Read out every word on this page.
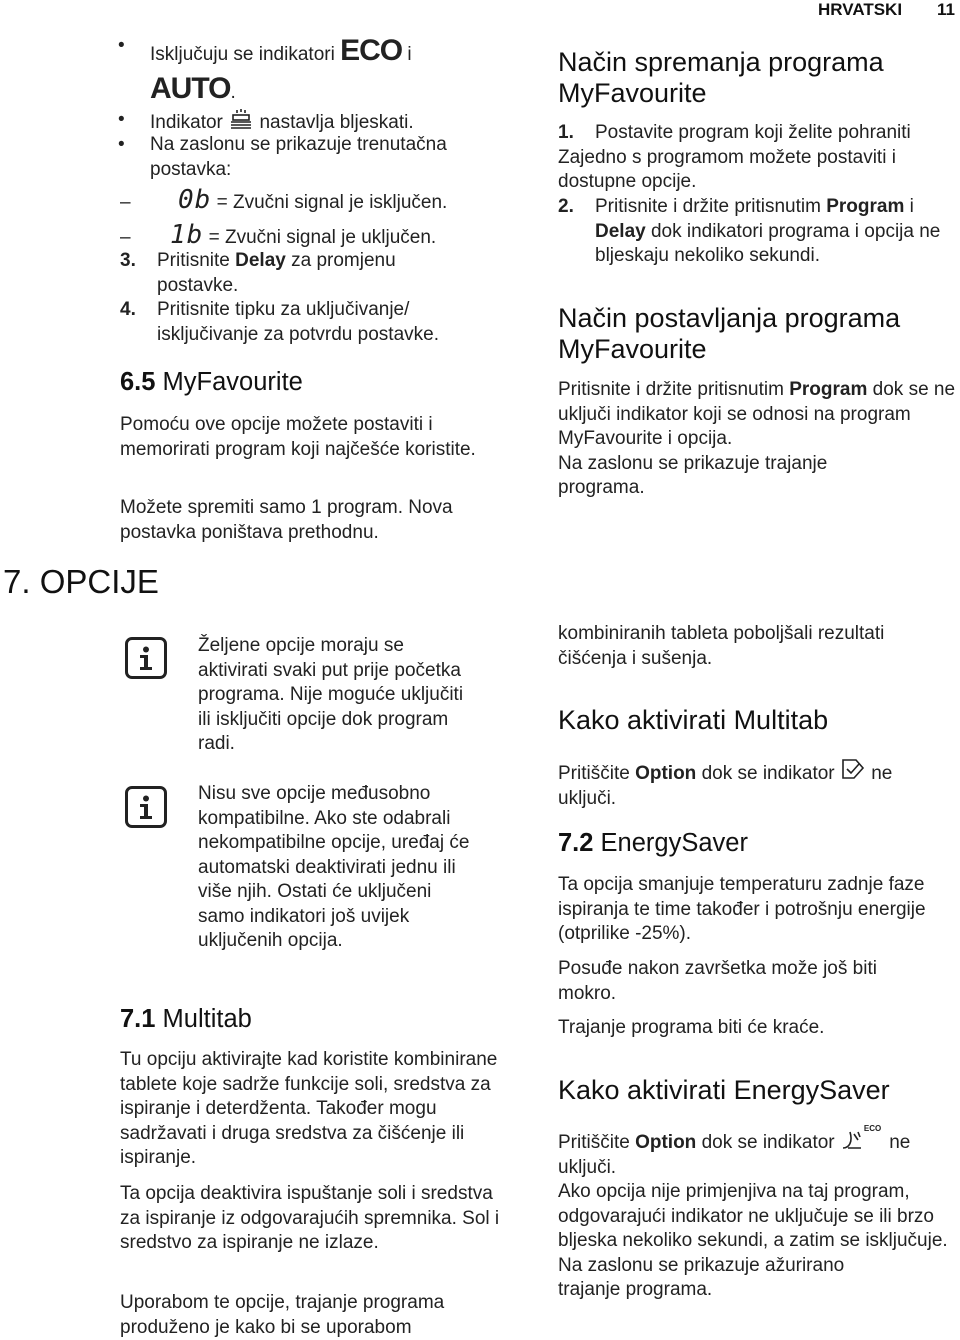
HRVATSKI 11
• Isključuju se indikatori ECO i
AUTO.
• Indikator nastavlja bljeskati.
• Na zaslonu se prikazuje trenutačna postavka:
– 0b = Zvučni signal je isključen.
– 1b = Zvučni signal je uključen.
3. Pritisnite Delay za promjenu postavke.
4. Pritisnite tipku za uključivanje/ isključivanje za potvrdu postavke.
6.5 MyFavourite
Pomoću ove opcije možete postaviti i memorirati program koji najčešće koristite.
Možete spremiti samo 1 program. Nova postavka poništava prethodnu.
Način spremanja programa MyFavourite
1. Postavite program koji želite pohraniti
Zajedno s programom možete postaviti i dostupne opcije.
2. Pritisnite i držite pritisnutim Program i Delay dok indikatori programa i opcija ne bljeskaju nekoliko sekundi.
Način postavljanja programa MyFavourite
Pritisnite i držite pritisnutim Program dok se ne uključi indikator koji se odnosi na program MyFavourite i opcija.
Na zaslonu se prikazuje trajanje programa.
7. OPCIJE
Željene opcije moraju se aktivirati svaki put prije početka programa. Nije moguće uključiti ili isključiti opcije dok program radi.
Nisu sve opcije međusobno kompatibilne. Ako ste odabrali nekompatibilne opcije, uređaj će automatski deaktivirati jednu ili više njih. Ostati će uključeni samo indikatori još uvijek uključenih opcija.
7.1 Multitab
Tu opciju aktivirajte kad koristite kombinirane tablete koje sadrže funkcije soli, sredstva za ispiranje i deterdženta. Također mogu sadržavati i druga sredstva za čišćenje ili ispiranje.
Ta opcija deaktivira ispuštanje soli i sredstva za ispiranje iz odgovarajućih spremnika. Sol i sredstvo za ispiranje ne izlaze.
Uporabom te opcije, trajanje programa produženo je kako bi se uporabom
kombiniranih tableta poboljšali rezultati čišćenja i sušenja.
Kako aktivirati Multitab
Pritiščite Option dok se indikator ne uključi.
7.2 EnergySaver
Ta opcija smanjuje temperaturu zadnje faze ispiranja te time također i potrošnju energije (otprilike -25%).
Posuđe nakon završetka može još biti mokro.
Trajanje programa biti će kraće.
Kako aktivirati EnergySaver
Pritiščite Option dok se indikator
ECO
ne uključi.
Ako opcija nije primjenjiva na taj program, odgovarajući indikator ne uključuje se ili brzo bljeska nekoliko sekundi, a zatim se isključuje.
Na zaslonu se prikazuje ažurirano trajanje programa.
